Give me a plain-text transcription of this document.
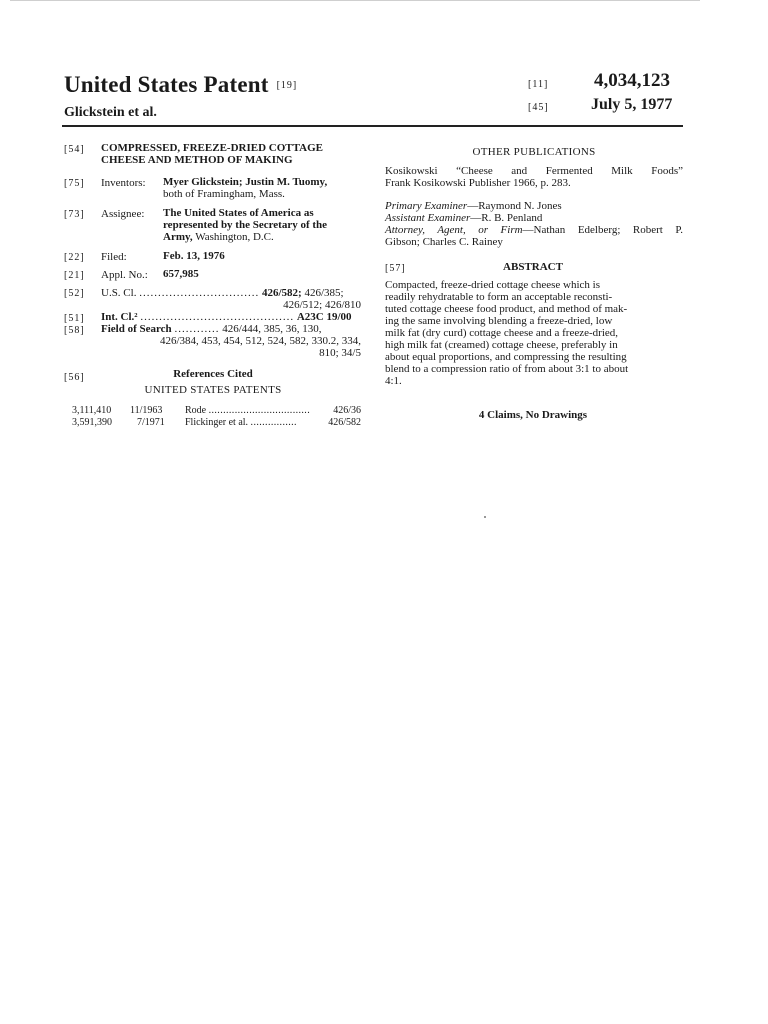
United States Patent [19]
Glickstein et al.
[11] 4,034,123
[45]	July 5, 1977
[54] COMPRESSED, FREEZE-DRIED COTTAGE
CHEESE AND METHOD OF MAKING
[75] Inventors: Myer Glickstein; Justin M. Tuomy,
both of Framingham, Mass.
[73] Assignee: The United States of America as
represented by the Secretary of the
Army, Washington, D.C.
[22] Filed:	Feb. 13, 1976
[21] Appl. No.: 657,985
[52] U.S. Cl. ................................ 426/582; 426/385;
426/512; 426/810
[51] Int. Cl.² ......................................... A23C 19/00
[58] Field of Search ............ 426/444, 385, 36, 130,
426/384, 453, 454, 512, 524, 582, 330.2, 334,
810; 34/5
[56]	References Cited
UNITED STATES PATENTS
3,111,410 11/1963 Rode ...................................	426/36
3,591,390	7/1971 Flickinger et al. ................	426/582
OTHER PUBLICATIONS
Kosikowski “Cheese and Fermented Milk Foods”
Frank Kosikowski Publisher 1966, p. 283.
Primary Examiner—Raymond N. Jones
Assistant Examiner—R. B. Penland
Attorney, Agent, or Firm—Nathan Edelberg; Robert P.
Gibson; Charles C. Rainey
[57]	ABSTRACT
Compacted, freeze-dried cottage cheese which is
readily rehydratable to form an acceptable reconsti-
tuted cottage cheese food product, and method of mak-
ing the same involving blending a freeze-dried, low
milk fat (dry curd) cottage cheese and a freeze-dried,
high milk fat (creamed) cottage cheese, preferably in
about equal proportions, and compressing the resulting
blend to a compression ratio of from about 3:1 to about
4:1.
4 Claims, No Drawings
